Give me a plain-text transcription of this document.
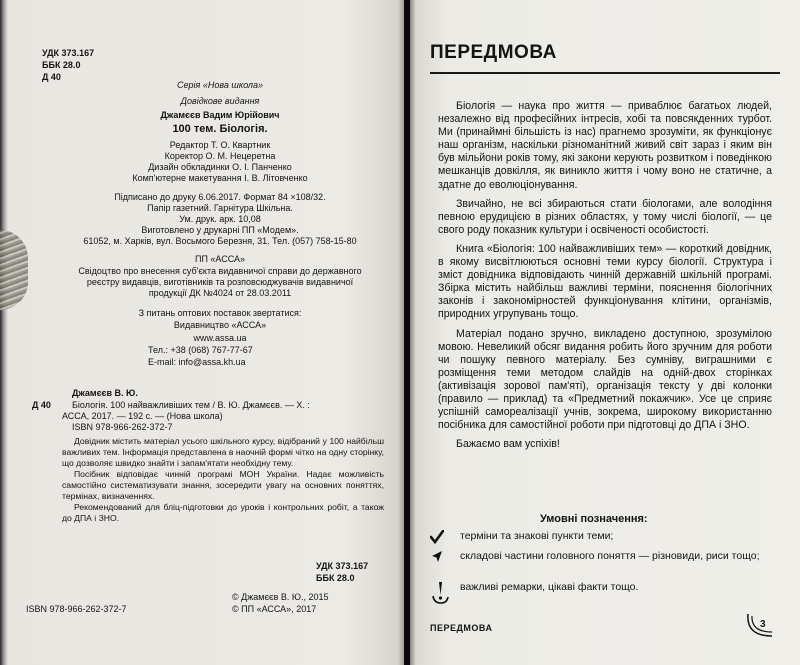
УДК 373.167
ББК 28.0
Д 40
Серія «Нова школа»
Довідкове видання
Джамєєв Вадим Юрійович
100 тем. Біологія.
Редактор Т. О. Квартник
Коректор О. М. Нецеретна
Дизайн обкладинки О. І. Панченко
Комп'ютерне макетування І. В. Літовченко
Підписано до друку 6.06.2017. Формат 84 ×108/32.
Папір газетний. Гарнітура Шкільна.
Ум. друк. арк. 10,08
Виготовлено у друкарні ПП «Модем».
61052, м. Харків, вул. Восьмого Березня, 31. Тел. (057) 758-15-80
ПП «АССА»
Свідоцтво про внесення суб'єкта видавничої справи до державного
реєстру видавців, виготівників та розповсюджувачів видавничої
продукції ДК №4024 от 28.03.2011
З питань оптових поставок звертатися:
Видавництво «АССА»
www.assa.ua
Тел.: +38 (068) 767-77-67
E-mail: info@assa.kh.ua
Джамєєв В. Ю.
Д 40 Біологія. 100 найважливіших тем / В. Ю. Джамєєв. — Х. :
АССА, 2017. — 192 с. — (Нова школа)
ISBN 978-966-262-372-7

Довідник містить матеріал усього шкільного курсу, відібраний у 100 найбільш важливих тем. Інформація представлена в наочній формі чітко на одну сторінку, що дозволяє швидко знайти і запам'ятати необхідну тему.

Посібник відповідає чинній програмі МОН України. Надає можливість самостійно систематизувати знання, зосередити увагу на основних поняттях, термінах, визначеннях.

Рекомендований для бліц-підготовки до уроків і контрольних робіт, а також до ДПА і ЗНО.

УДК 373.167
ББК 28.0
ISBN 978-966-262-372-7
© Джамєєв В. Ю., 2015
© ПП «АССА», 2017
ПЕРЕДМОВА

Біологія — наука про життя — приваблює багатьох людей, незалежно від професійних інтресів, хобі та повсякденних турбот. Ми (принаймні більшість із нас) прагнемо зрозуміти, як функціонує наш організм, наскільки різноманітний живий світ зараз і яким він був мільйони років тому, які закони керують розвитком і поведінкою мешканців довкілля, як виникло життя і чому воно не статичне, а здатне до еволюціонування.

Звичайно, не всі збираються стати біологами, але володіння певною ерудицією в різних областях, у тому числі біології, — це свого роду показник культури і освіченості особистості.

Книга «Біологія: 100 найважливіших тем» — короткий довідник, в якому висвітлюються основні теми курсу біології. Структура і зміст довідника відповідають чинній державній шкільній програмі. Збірка містить найбільш важливі терміни, пояснення біологічних законів і закономірностей функціонування клітини, організмів, природних угрупувань тощо.

Матеріал подано зручно, викладено доступною, зрозумілою мовою. Невеликий обсяг видання робить його зручним для роботи чи пошуку певного матеріалу. Без сумніву, виграшними є розміщення теми методом слайдів на одній-двох сторінках (активізація зорової пам'яті), організація тексту у дві колонки (правило — приклад) та «Предметний покажчик». Усе це сприяє успішній самореалізації учнів, зокрема, широкому використанню посібника для самостійної роботи при підготовці до ДПА і ЗНО.

Бажаємо вам успіхів!

Умовні позначення:
терміни та знакові пункти теми;
складові частини головного поняття — різновиди, риси тощо;
важливі ремарки, цікаві факти тощо.
ПЕРЕДМОВА	3
